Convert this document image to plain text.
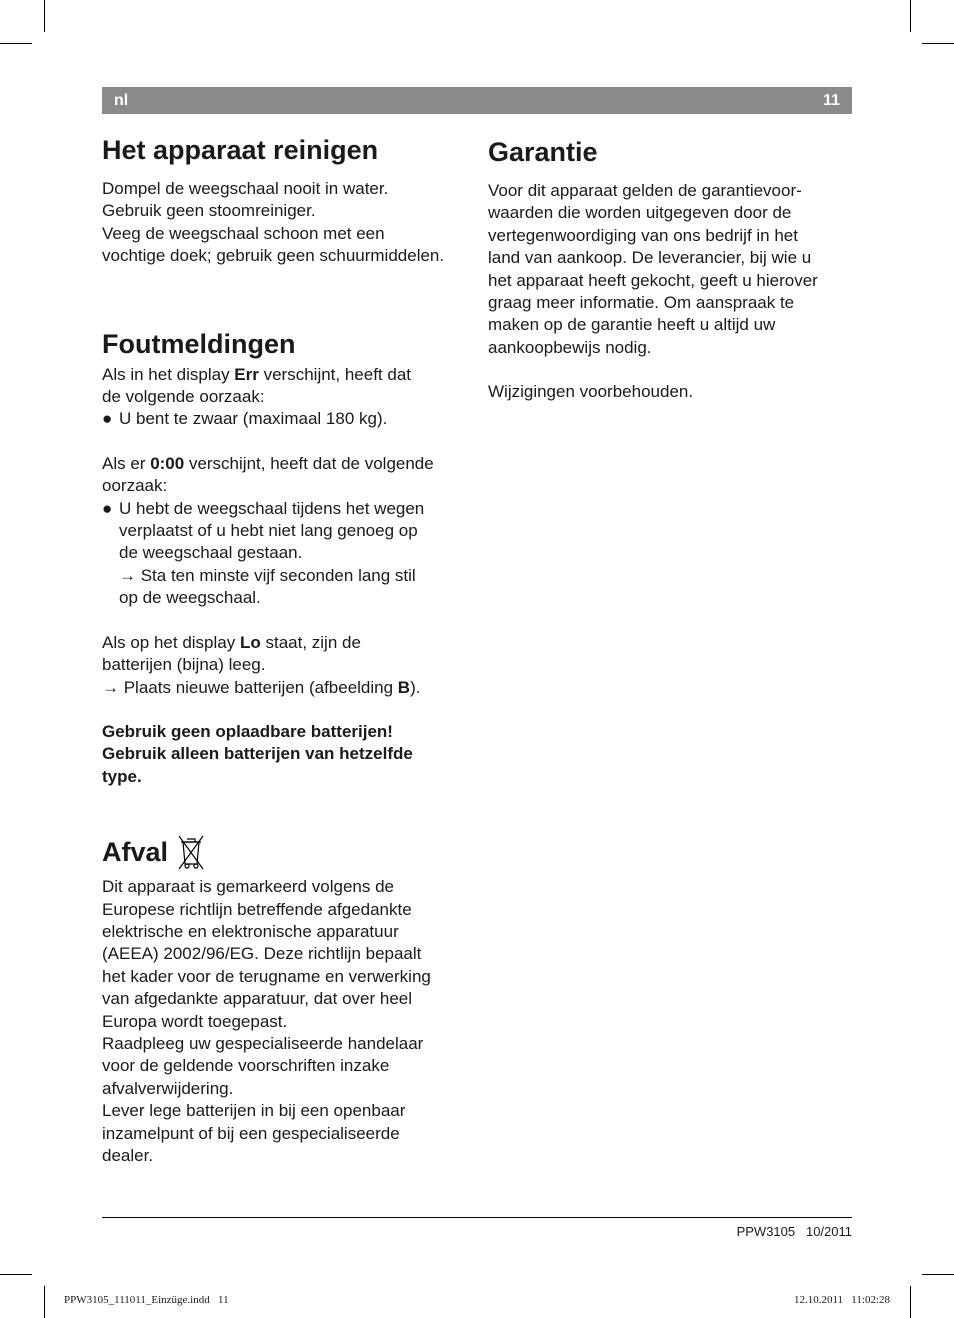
nl	11
Het apparaat reinigen

Dompel de weegschaal nooit in water.
Gebruik geen stoomreiniger.
Veeg de weegschaal schoon met een
vochtige doek; gebruik geen schuurmiddelen.

Foutmeldingen

Als in het display Err verschijnt, heeft dat
de volgende oorzaak:

● U bent te zwaar (maximaal 180 kg).

Als er 0:00 verschijnt, heeft dat de volgende
oorzaak:

● U hebt de weegschaal tijdens het wegen
verplaatst of u hebt niet lang genoeg op
de weegschaal gestaan.
→ Sta ten minste vijf seconden lang stil
op de weegschaal.

Als op het display Lo staat, zijn de
batterijen (bijna) leeg.
→ Plaats nieuwe batterijen (afbeelding B).

Gebruik geen oplaadbare batterijen!
Gebruik alleen batterijen van hetzelfde
type.

Afval

Dit apparaat is gemarkeerd volgens de
Europese richtlijn betreffende afgedankte
elektrische en elektronische apparatuur
(AEEA) 2002/96/EG. Deze richtlijn bepaalt
het kader voor de terugname en verwerking
van afgedankte apparatuur, dat over heel
Europa wordt toegepast.
Raadpleeg uw gespecialiseerde handelaar
voor de geldende voorschriften inzake
afvalverwijdering.
Lever lege batterijen in bij een openbaar
inzamelpunt of bij een gespecialiseerde
dealer.

Garantie

Voor dit apparaat gelden de garantievoor-
waarden die worden uitgegeven door de
vertegenwoordiging van ons bedrijf in het
land van aankoop. De leverancier, bij wie u
het apparaat heeft gekocht, geeft u hierover
graag meer informatie. Om aanspraak te
maken op de garantie heeft u altijd uw
aankoopbewijs nodig.

Wijzigingen voorbehouden.

PPW3105   10/2011
PPW3105_111011_Einzüge.indd   11	12.10.2011   11:02:28
